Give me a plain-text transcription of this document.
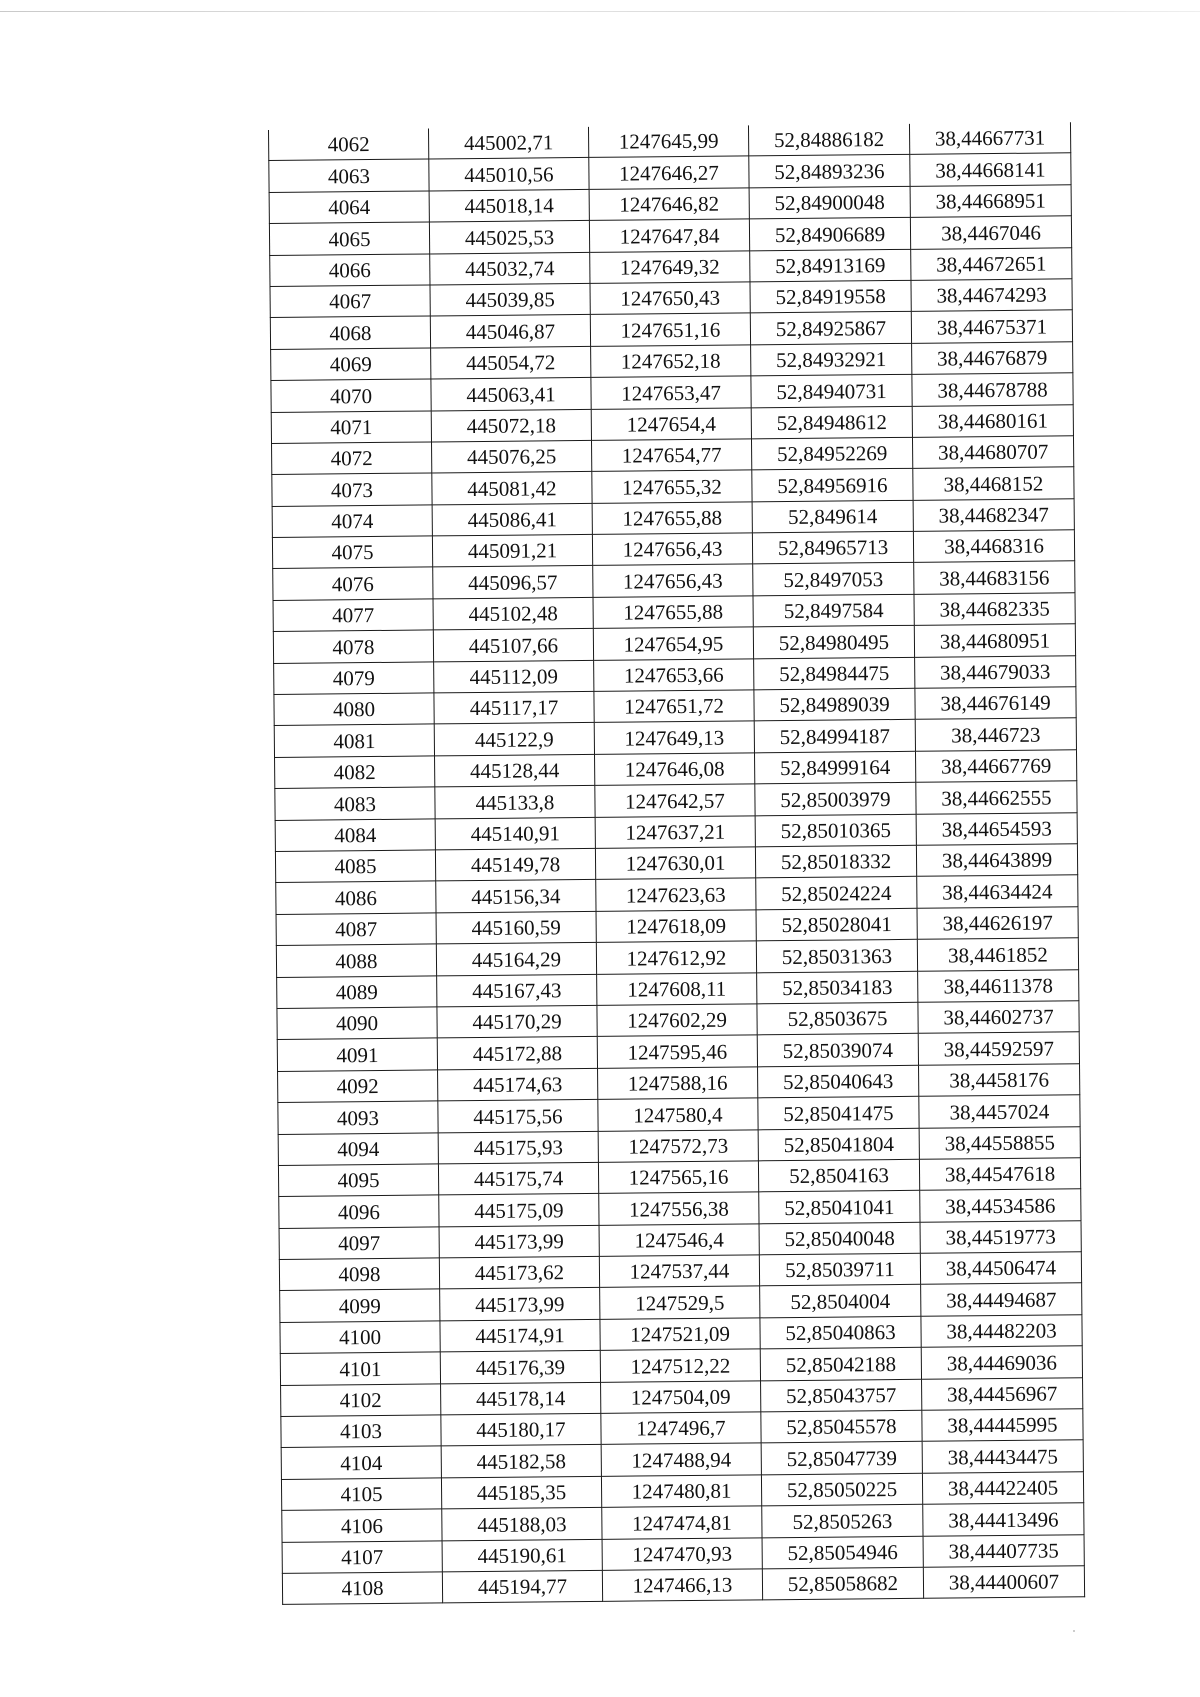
4062	445002,71	1247645,99	52,84886182	38,44667731
4063	445010,56	1247646,27	52,84893236	38,44668141
4064	445018,14	1247646,82	52,84900048	38,44668951
4065	445025,53	1247647,84	52,84906689	38,4467046
4066	445032,74	1247649,32	52,84913169	38,44672651
4067	445039,85	1247650,43	52,84919558	38,44674293
4068	445046,87	1247651,16	52,84925867	38,44675371
4069	445054,72	1247652,18	52,84932921	38,44676879
4070	445063,41	1247653,47	52,84940731	38,44678788
4071	445072,18	1247654,4	52,84948612	38,44680161
4072	445076,25	1247654,77	52,84952269	38,44680707
4073	445081,42	1247655,32	52,84956916	38,4468152
4074	445086,41	1247655,88	52,849614	38,44682347
4075	445091,21	1247656,43	52,84965713	38,4468316
4076	445096,57	1247656,43	52,8497053	38,44683156
4077	445102,48	1247655,88	52,8497584	38,44682335
4078	445107,66	1247654,95	52,84980495	38,44680951
4079	445112,09	1247653,66	52,84984475	38,44679033
4080	445117,17	1247651,72	52,84989039	38,44676149
4081	445122,9	1247649,13	52,84994187	38,446723
4082	445128,44	1247646,08	52,84999164	38,44667769
4083	445133,8	1247642,57	52,85003979	38,44662555
4084	445140,91	1247637,21	52,85010365	38,44654593
4085	445149,78	1247630,01	52,85018332	38,44643899
4086	445156,34	1247623,63	52,85024224	38,44634424
4087	445160,59	1247618,09	52,85028041	38,44626197
4088	445164,29	1247612,92	52,85031363	38,4461852
4089	445167,43	1247608,11	52,85034183	38,44611378
4090	445170,29	1247602,29	52,8503675	38,44602737
4091	445172,88	1247595,46	52,85039074	38,44592597
4092	445174,63	1247588,16	52,85040643	38,4458176
4093	445175,56	1247580,4	52,85041475	38,4457024
4094	445175,93	1247572,73	52,85041804	38,44558855
4095	445175,74	1247565,16	52,8504163	38,44547618
4096	445175,09	1247556,38	52,85041041	38,44534586
4097	445173,99	1247546,4	52,85040048	38,44519773
4098	445173,62	1247537,44	52,85039711	38,44506474
4099	445173,99	1247529,5	52,8504004	38,44494687
4100	445174,91	1247521,09	52,85040863	38,44482203
4101	445176,39	1247512,22	52,85042188	38,44469036
4102	445178,14	1247504,09	52,85043757	38,44456967
4103	445180,17	1247496,7	52,85045578	38,44445995
4104	445182,58	1247488,94	52,85047739	38,44434475
4105	445185,35	1247480,81	52,85050225	38,44422405
4106	445188,03	1247474,81	52,8505263	38,44413496
4107	445190,61	1247470,93	52,85054946	38,44407735
4108	445194,77	1247466,13	52,85058682	38,44400607
